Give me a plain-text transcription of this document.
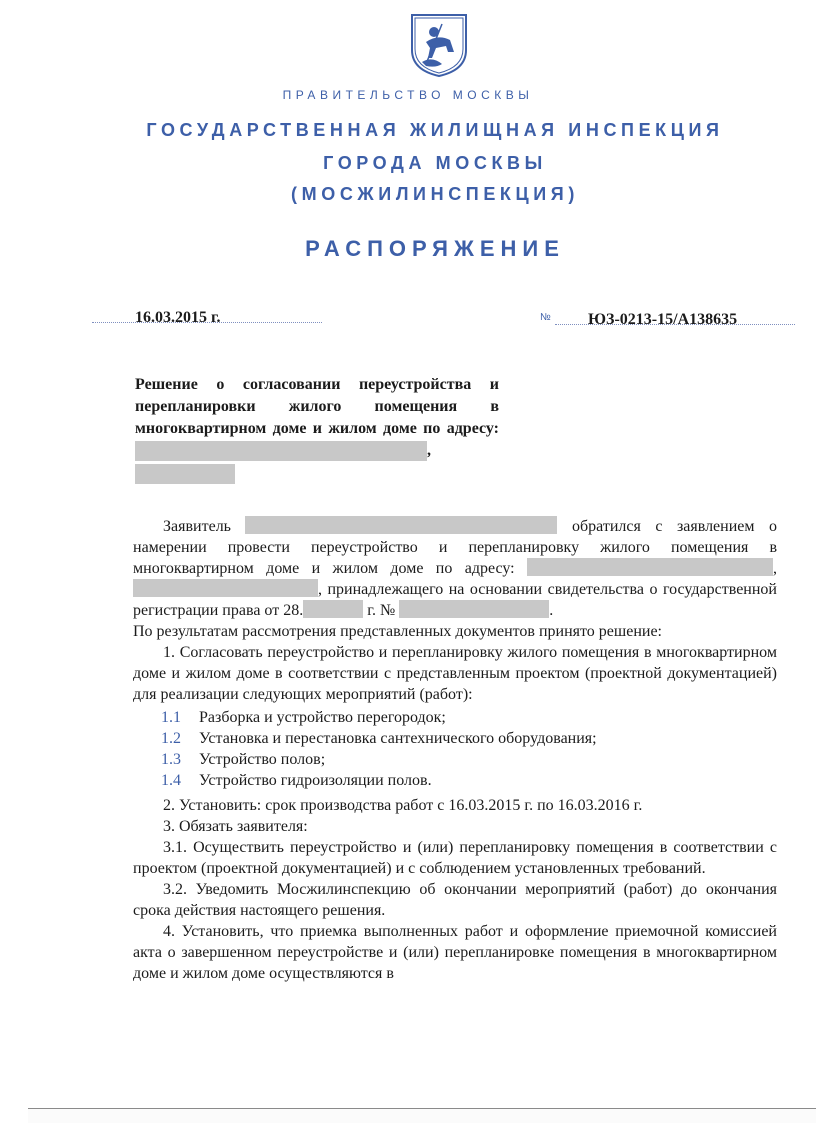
ПРАВИТЕЛЬСТВО МОСКВЫ
ГОСУДАРСТВЕННАЯ ЖИЛИЩНАЯ ИНСПЕКЦИЯ
ГОРОДА МОСКВЫ
(МОСЖИЛИНСПЕКЦИЯ)
РАСПОРЯЖЕНИЕ
16.03.2015 г.	№ ЮЗ-0213-15/А138635
Решение о согласовании переустройства и перепланировки жилого помещения в многоквартирном доме и жилом доме по адресу: ,

Заявитель	обратился с заявлением о намерении провести переустройство и перепланировку жилого помещения в многоквартирном доме и жилом доме по адресу:	, , принадлежащего на основании свидетельства о государственной регистрации права от 28.	г. №	.

По результатам рассмотрения представленных документов принято решение:

1. Согласовать переустройство и перепланировку жилого помещения в многоквартирном доме и жилом доме в соответствии с представленным проектом (проектной документацией) для реализации следующих мероприятий (работ):

1.1	Разборка и устройство перегородок;
1.2	Установка и перестановка сантехнического оборудования;
1.3	Устройство полов;
1.4	Устройство гидроизоляции полов.

2. Установить: срок производства работ с 16.03.2015 г. по 16.03.2016 г.

3. Обязать заявителя:

3.1. Осуществить переустройство и (или) перепланировку помещения в соответствии с проектом (проектной документацией) и с соблюдением установленных требований.

3.2. Уведомить Мосжилинспекцию об окончании мероприятий (работ) до окончания срока действия настоящего решения.

4. Установить, что приемка выполненных работ и оформление приемочной комиссией акта о завершенном переустройстве и (или) перепланировке помещения в многоквартирном доме и жилом доме осуществляются в
